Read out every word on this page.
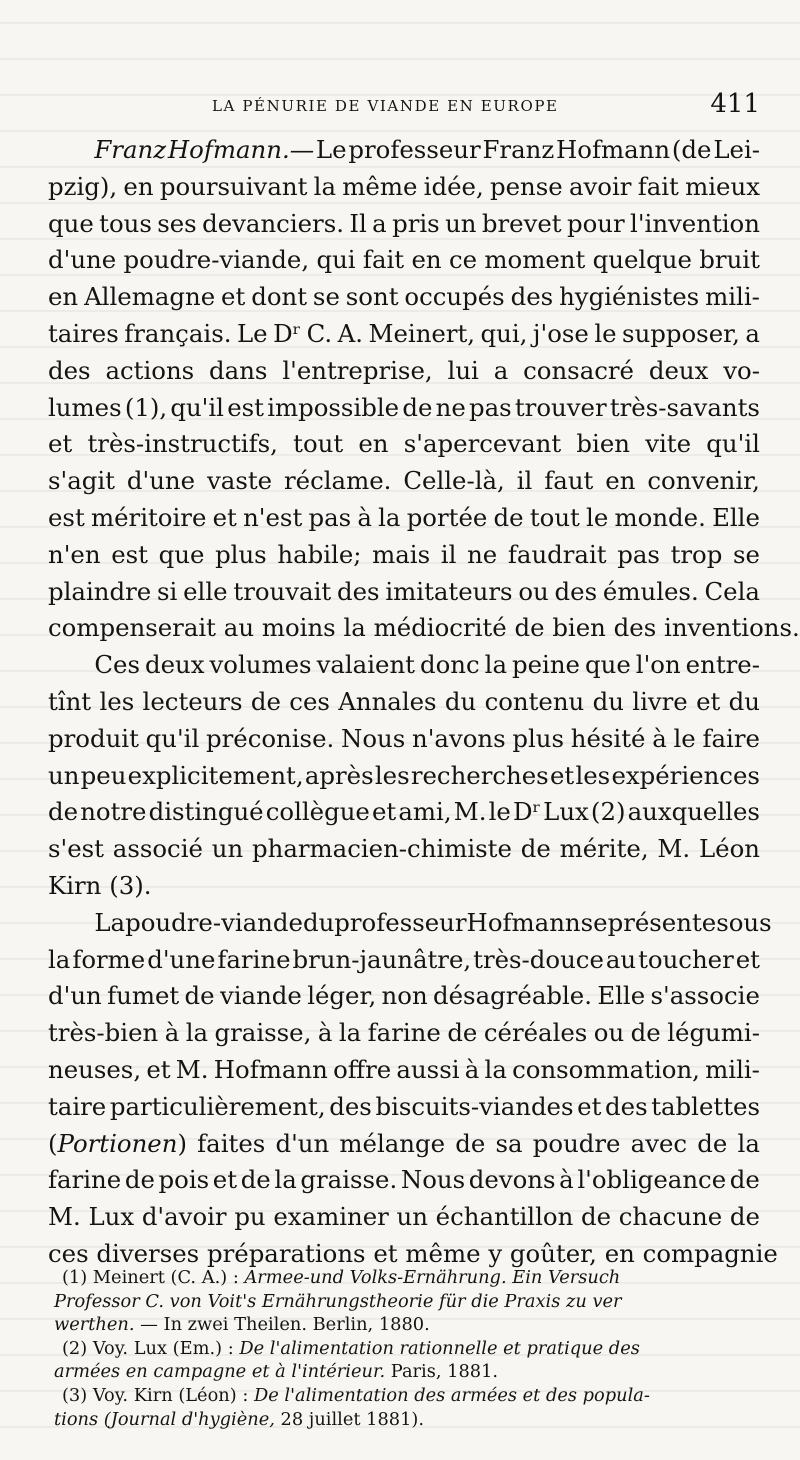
LA PÉNURIE DE VIANDE EN EUROPE	411
Franz Hofmann.— Le professeur Franz Hofmann (de Lei-
pzig), en poursuivant la même idée, pense avoir fait mieux
que tous ses devanciers. Il a pris un brevet pour l'invention
d'une poudre-viande, qui fait en ce moment quelque bruit
en Allemagne et dont se sont occupés des hygiénistes mili-
taires français. Le Dʳ C. A. Meinert, qui, j'ose le supposer, a
des actions dans l'entreprise, lui a consacré deux vo-
lumes (1), qu'il est impossible de ne pas trouver très-savants
et très-instructifs, tout en s'apercevant bien vite qu'il
s'agit d'une vaste réclame. Celle-là, il faut en convenir,
est méritoire et n'est pas à la portée de tout le monde. Elle
n'en est que plus habile; mais il ne faudrait pas trop se
plaindre si elle trouvait des imitateurs ou des émules. Cela
compenserait au moins la médiocrité de bien des inventions.
Ces deux volumes valaient donc la peine que l'on entre-
tînt les lecteurs de ces Annales du contenu du livre et du
produit qu'il préconise. Nous n'avons plus hésité à le faire
un peu explicitement, après les recherches et les expériences
de notre distingué collègue et ami, M. le Dʳ Lux (2) auxquelles
s'est associé un pharmacien-chimiste de mérite, M. Léon
Kirn (3).
La poudre-viande du professeur Hofmann se présente sous
la forme d'une farine brun-jaunâtre, très-douce au toucher et
d'un fumet de viande léger, non désagréable. Elle s'associe
très-bien à la graisse, à la farine de céréales ou de légumi-
neuses, et M. Hofmann offre aussi à la consommation, mili-
taire particulièrement, des biscuits-viandes et des tablettes
(Portionen) faites d'un mélange de sa poudre avec de la
farine de pois et de la graisse. Nous devons à l'obligeance de
M. Lux d'avoir pu examiner un échantillon de chacune de
ces diverses préparations et même y goûter, en compagnie
(1) Meinert (C. A.) : Armee-und Volks-Ernährung. Ein Versuch
Professor C. von Voit's Ernährungstheorie für die Praxis zu ver
werthen. — In zwei Theilen. Berlin, 1880.
(2) Voy. Lux (Em.) : De l'alimentation rationnelle et pratique des
armées en campagne et à l'intérieur. Paris, 1881.
(3) Voy. Kirn (Léon) : De l'alimentation des armées et des popula-
tions (Journal d'hygiène, 28 juillet 1881).
